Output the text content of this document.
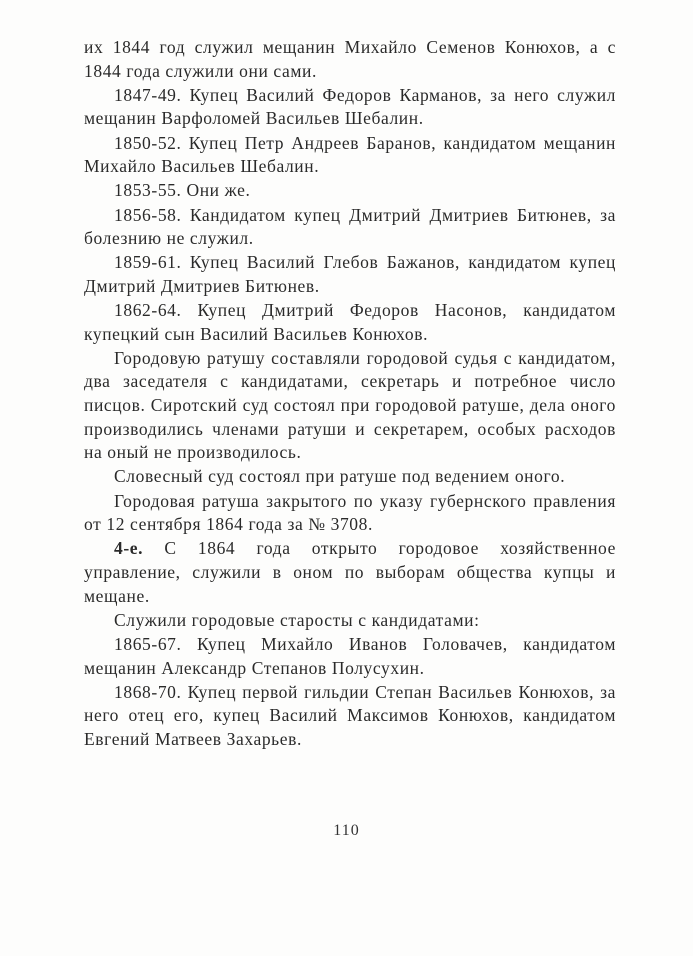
их 1844 год служил мещанин Михайло Семенов Конюхов, а с 1844 года служили они сами.

1847-49. Купец Василий Федоров Карманов, за него служил мещанин Варфоломей Васильев Шебалин.

1850-52. Купец Петр Андреев Баранов, кандидатом мещанин Михайло Васильев Шебалин.

1853-55. Они же.

1856-58. Кандидатом купец Дмитрий Дмитриев Битюнев, за болезнию не служил.

1859-61. Купец Василий Глебов Бажанов, кандидатом купец Дмитрий Дмитриев Битюнев.

1862-64. Купец Дмитрий Федоров Насонов, кандидатом купецкий сын Василий Васильев Конюхов.

Городовую ратушу составляли городовой судья с кандидатом, два заседателя с кандидатами, секретарь и потребное число писцов. Сиротский суд состоял при городовой ратуше, дела оного производились членами ратуши и секретарем, особых расходов на оный не производилось.

Словесный суд состоял при ратуше под ведением оного.

Городовая ратуша закрытого по указу губернского правления от 12 сентября 1864 года за № 3708.

4-е. С 1864 года открыто городовое хозяйственное управление, служили в оном по выборам общества купцы и мещане.

Служили городовые старосты с кандидатами:

1865-67. Купец Михайло Иванов Головачев, кандидатом мещанин Александр Степанов Полусухин.

1868-70. Купец первой гильдии Степан Васильев Конюхов, за него отец его, купец Василий Максимов Конюхов, кандидатом Евгений Матвеев Захарьев.

110
